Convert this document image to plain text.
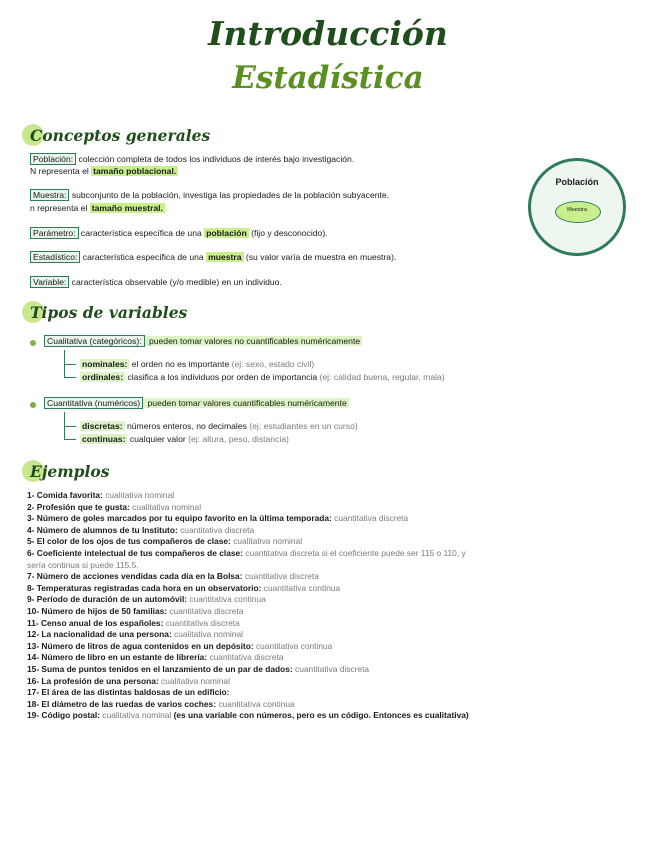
Introducción
Estadística
Conceptos generales
Población: colección completa de todos los individuos de interés bajo investigación.
N representa el tamaño poblacional.
Muestra: subconjunto de la población, investiga las propiedades de la población subyacente.
n representa el tamaño muestral.
Parámetro: característica específica de una población (fijo y desconocido).
Estadístico: característica específica de una muestra (su valor varía de muestra en muestra).
Variable: característica observable (y/o medible) en un individuo.
Población
Muestra
Tipos de variables
Cualitativa (categóricos): pueden tomar valores no cuantificables numéricamente
nominales: el orden no es importante (ej: sexo, estado civil)
ordinales: clasifica a los individuos por orden de importancia (ej: calidad buena, regular, mala)
Cuantitativa (numéricos) pueden tomar valores cuantificables numéricamente
discretas: números enteros, no decimales (ej: estudiantes en un curso)
continuas: cualquier valor (ej: altura, peso, distancia)
Ejemplos
1- Comida favorita: cualitativa nominal
2- Profesión que te gusta: cualitativa nominal
3- Número de goles marcados por tu equipo favorito en la última temporada: cuantitativa discreta
4- Número de alumnos de tu Instituto: cuantitativa discreta
5- El color de los ojos de tus compañeros de clase: cualitativa nominal
6- Coeficiente intelectual de tus compañeros de clase: cuantitativa discreta si el coeficiente puede ser 115 o 110, y
sería continua si puede 115.5.
7- Número de acciones vendidas cada día en la Bolsa: cuantitativa discreta
8- Temperaturas registradas cada hora en un observatorio: cuantitativa continua
9- Período de duración de un automóvil: cuantitativa continua
10- Número de hijos de 50 familias: cuantitativa discreta
11- Censo anual de los españoles: cuantitativa discreta
12- La nacionalidad de una persona: cualitativa nominal
13- Número de litros de agua contenidos en un depósito: cuantitativa continua
14- Número de libro en un estante de librería: cuantitativa discreta
15- Suma de puntos tenidos en el lanzamiento de un par de dados: cuantitativa discreta
16- La profesión de una persona: cualitativa nominal
17- El área de las distintas baldosas de un edificio:
18- El diámetro de las ruedas de varios coches: cuantitativa continua
19- Código postal: cualitativa nominal (es una variable con números, pero es un código. Entonces es cualitativa)
